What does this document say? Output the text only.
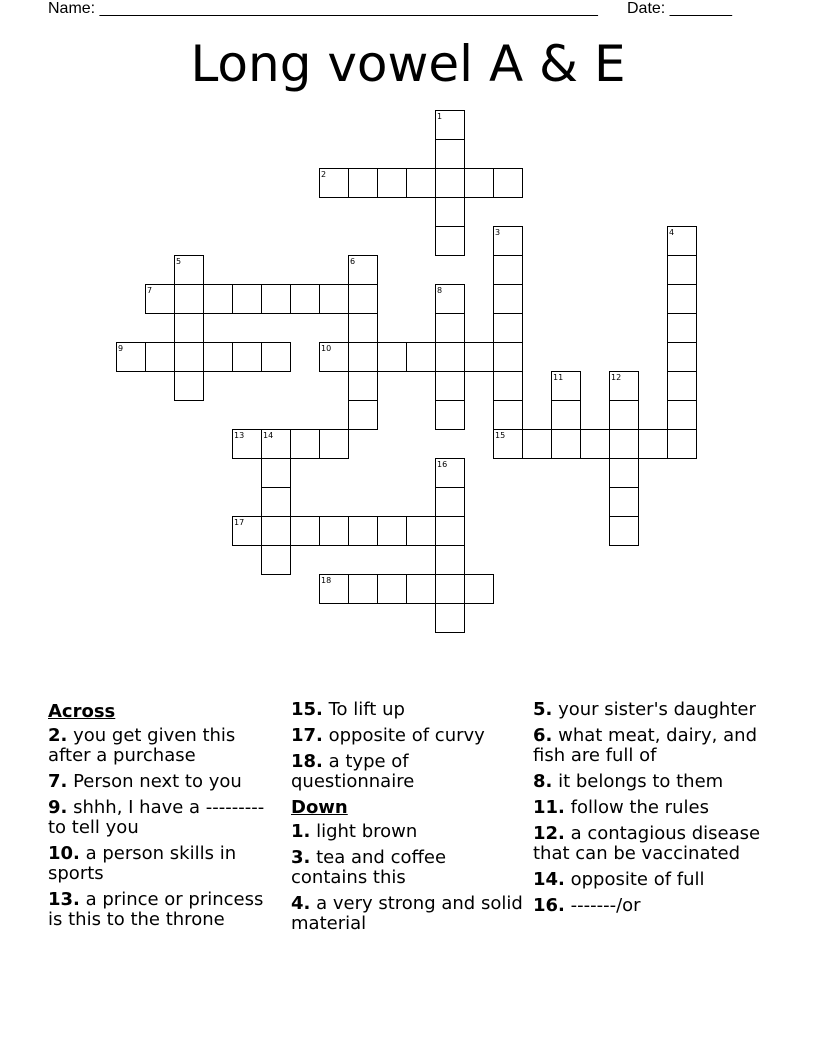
Name: ________________________________________________________ Date: _______
Long vowel A & E
1
2
3	4
5	6
7	8
9	10
11	12
13 14	15
16
17
18
Across
2. you get given this after a purchase
7. Person next to you
9. shhh, I have a --------- to tell you
10. a person skills in sports
13. a prince or princess is this to the throne
15. To lift up
17. opposite of curvy
18. a type of questionnaire
Down
1. light brown
3. tea and coffee contains this
4. a very strong and solid material
5. your sister's daughter
6. what meat, dairy, and fish are full of
8. it belongs to them
11. follow the rules
12. a contagious disease that can be vaccinated
14. opposite of full
16. -------/or
